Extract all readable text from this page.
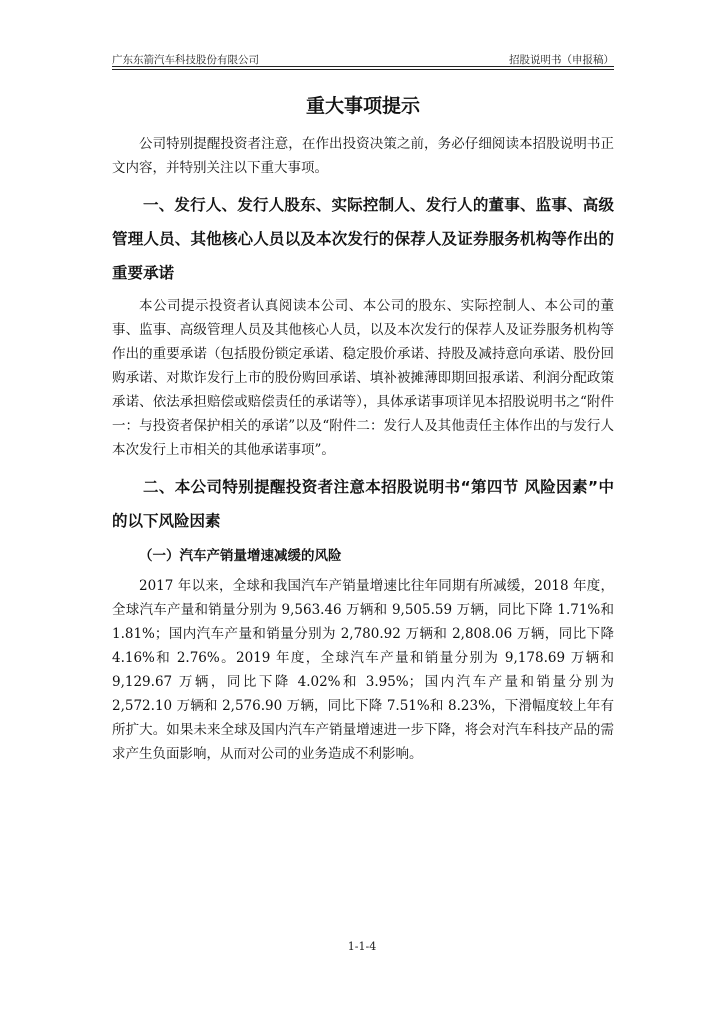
广东东箭汽车科技股份有限公司	招股说明书（申报稿）
重大事项提示

公司特别提醒投资者注意，在作出投资决策之前，务必仔细阅读本招股说明书正文内容，并特别关注以下重大事项。

一、发行人、发行人股东、实际控制人、发行人的董事、监事、高级管理人员、其他核心人员以及本次发行的保荐人及证券服务机构等作出的重要承诺

本公司提示投资者认真阅读本公司、本公司的股东、实际控制人、本公司的董事、监事、高级管理人员及其他核心人员，以及本次发行的保荐人及证券服务机构等作出的重要承诺（包括股份锁定承诺、稳定股价承诺、持股及减持意向承诺、股份回购承诺、对欺诈发行上市的股份购回承诺、填补被摊薄即期回报承诺、利润分配政策承诺、依法承担赔偿或赔偿责任的承诺等），具体承诺事项详见本招股说明书之“附件一：与投资者保护相关的承诺”以及“附件二：发行人及其他责任主体作出的与发行人本次发行上市相关的其他承诺事项”。

二、本公司特别提醒投资者注意本招股说明书“第四节 风险因素”中的以下风险因素
（一）汽车产销量增速减缓的风险

2017 年以来，全球和我国汽车产销量增速比往年同期有所减缓，2018 年度，全球汽车产量和销量分别为 9,563.46 万辆和 9,505.59 万辆，同比下降 1.71%和 1.81%；国内汽车产量和销量分别为 2,780.92 万辆和 2,808.06 万辆，同比下降 4.16%和 2.76%。2019 年度，全球汽车产量和销量分别为 9,178.69 万辆和 9,129.67 万辆，同比下降 4.02%和 3.95%；国内汽车产量和销量分别为 2,572.10 万辆和 2,576.90 万辆，同比下降 7.51%和 8.23%，下滑幅度较上年有所扩大。如果未来全球及国内汽车产销量增速进一步下降，将会对汽车科技产品的需求产生负面影响，从而对公司的业务造成不利影响。

1-1-4
